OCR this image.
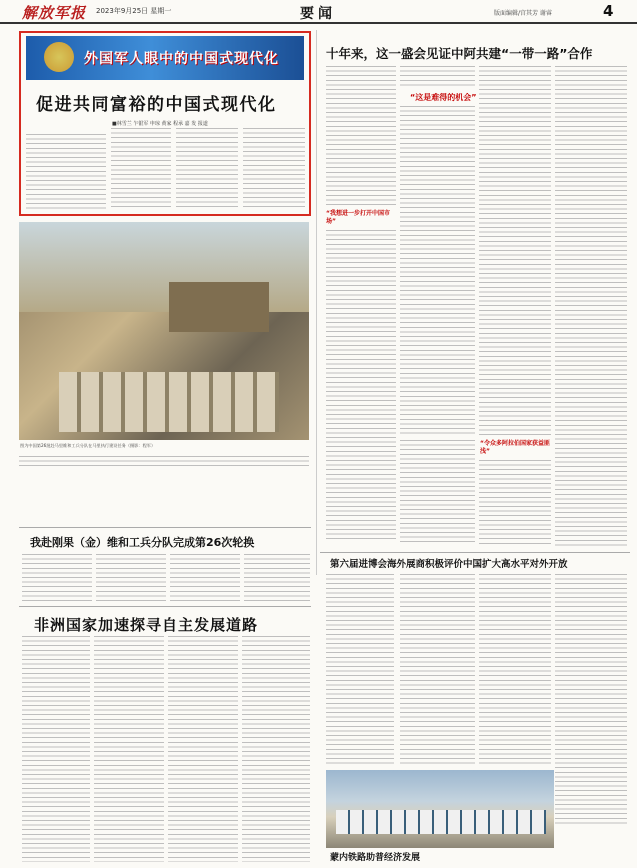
解放军报 2023年9月25日 星期一	要闻	版面编辑/宫其芳 谢睿	4
外国军人眼中的中国式现代化
促进共同富裕的中国式现代化
■林雪兰 乍银军 申琼 黄家 程承 嘉 发 报道
图为中国第26批赴马里维和工兵分队在马里执行建设任务（摄影：程军）
十年来，这一盛会见证中阿共建“一带一路”合作
“这是难得的机会”
“我想进一步打开中国市场”
“令众多阿拉伯国家获益匪浅”
第六届进博会海外展商积极评价中国扩大高水平对外开放
我赴刚果（金）维和工兵分队完成第26次轮换
非洲国家加速探寻自主发展道路
蒙内铁路助普经济发展
